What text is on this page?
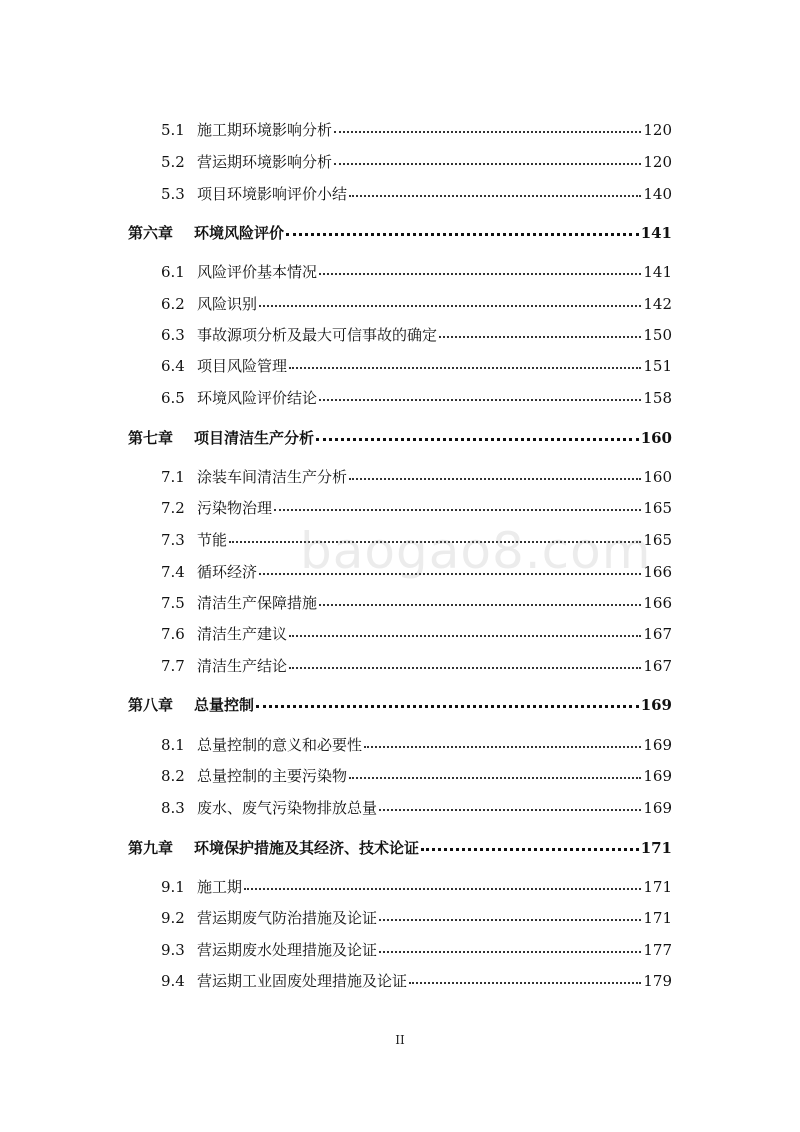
5.1 施工期环境影响分析	120
5.2 营运期环境影响分析	120
5.3 项目环境影响评价小结	140
第六章	环境风险评价	141
6.1 风险评价基本情况	141
6.2 风险识别	142
6.3 事故源项分析及最大可信事故的确定	150
6.4 项目风险管理	151
6.5 环境风险评价结论	158
第七章	项目清洁生产分析	160
7.1 涂装车间清洁生产分析	160
7.2 污染物治理	165
7.3 节能	165
7.4 循环经济	166
7.5 清洁生产保障措施	166
7.6 清洁生产建议	167
7.7 清洁生产结论	167
第八章	总量控制	169
8.1 总量控制的意义和必要性	169
8.2 总量控制的主要污染物	169
8.3 废水、废气污染物排放总量	169
第九章	环境保护措施及其经济、技术论证	171
9.1 施工期	171
9.2 营运期废气防治措施及论证	171
9.3 营运期废水处理措施及论证	177
9.4 营运期工业固废处理措施及论证	179
baogao8.com
II
